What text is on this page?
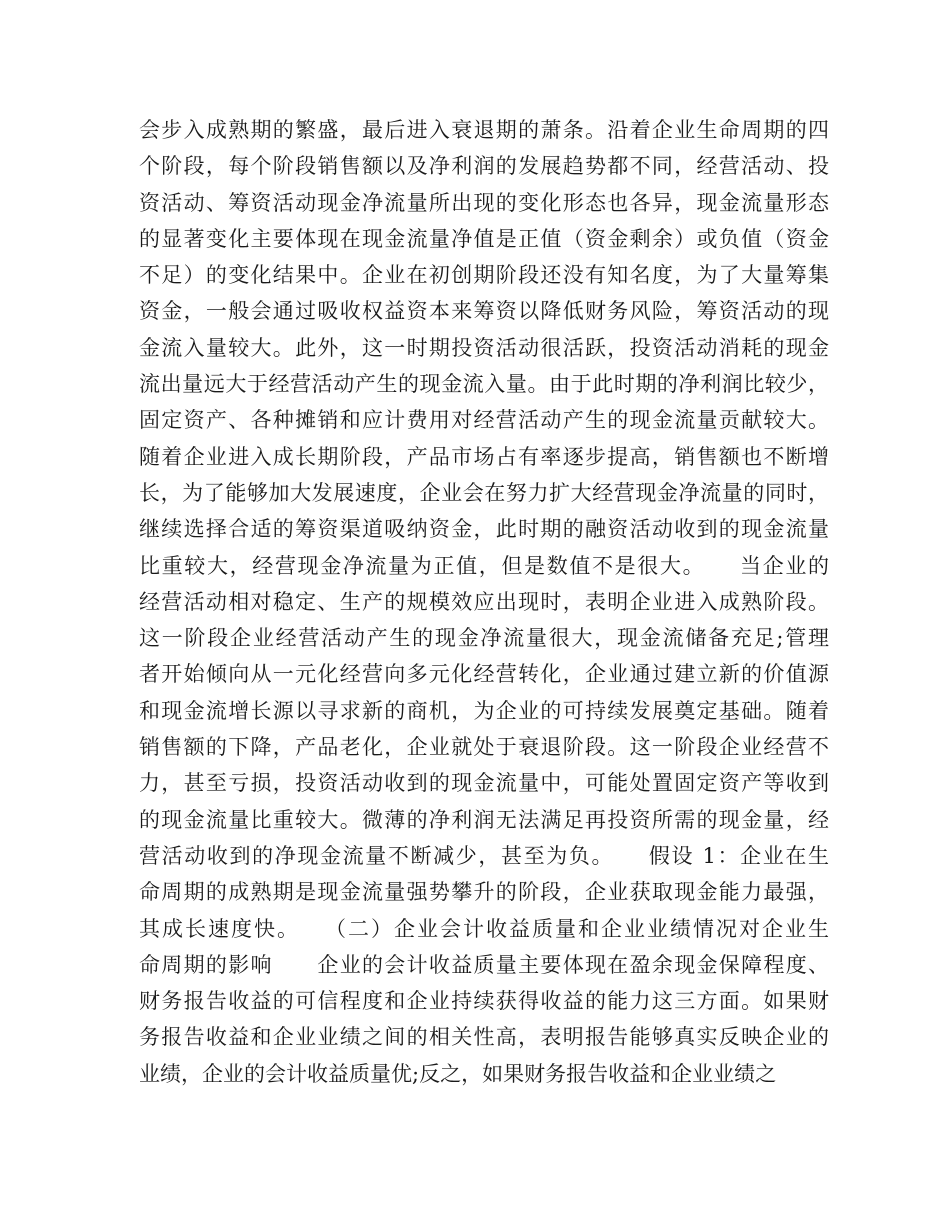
会步入成熟期的繁盛，最后进入衰退期的萧条。沿着企业生命周期的四
个阶段，每个阶段销售额以及净利润的发展趋势都不同，经营活动、投
资活动、筹资活动现金净流量所出现的变化形态也各异，现金流量形态
的显著变化主要体现在现金流量净值是正值（资金剩余）或负值（资金
不足）的变化结果中。企业在初创期阶段还没有知名度，为了大量筹集
资金，一般会通过吸收权益资本来筹资以降低财务风险，筹资活动的现
金流入量较大。此外，这一时期投资活动很活跃，投资活动消耗的现金
流出量远大于经营活动产生的现金流入量。由于此时期的净利润比较少，
固定资产、各种摊销和应计费用对经营活动产生的现金流量贡献较大。
随着企业进入成长期阶段，产品市场占有率逐步提高，销售额也不断增
长，为了能够加大发展速度，企业会在努力扩大经营现金净流量的同时，
继续选择合适的筹资渠道吸纳资金，此时期的融资活动收到的现金流量
比重较大，经营现金净流量为正值，但是数值不是很大。　　当企业的
经营活动相对稳定、生产的规模效应出现时，表明企业进入成熟阶段。
这一阶段企业经营活动产生的现金净流量很大，现金流储备充足;管理
者开始倾向从一元化经营向多元化经营转化，企业通过建立新的价值源
和现金流增长源以寻求新的商机，为企业的可持续发展奠定基础。随着
销售额的下降，产品老化，企业就处于衰退阶段。这一阶段企业经营不
力，甚至亏损，投资活动收到的现金流量中，可能处置固定资产等收到
的现金流量比重较大。微薄的净利润无法满足再投资所需的现金量，经
营活动收到的净现金流量不断减少，甚至为负。　　假设 1：企业在生
命周期的成熟期是现金流量强势攀升的阶段，企业获取现金能力最强，
其成长速度快。　　（二）企业会计收益质量和企业业绩情况对企业生
命周期的影响　　企业的会计收益质量主要体现在盈余现金保障程度、
财务报告收益的可信程度和企业持续获得收益的能力这三方面。如果财
务报告收益和企业业绩之间的相关性高，表明报告能够真实反映企业的
业绩，企业的会计收益质量优;反之，如果财务报告收益和企业业绩之
